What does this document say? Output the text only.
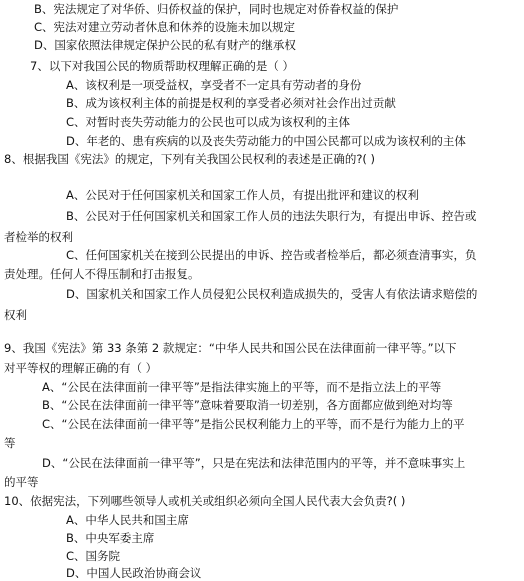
B、宪法规定了对华侨、归侨权益的保护，同时也规定对侨眷权益的保护
C、宪法对建立劳动者休息和休养的设施未加以规定
D、国家依照法律规定保护公民的私有财产的继承权
7、以下对我国公民的物质帮助权理解正确的是（ ）
A、该权利是一项受益权，享受者不一定具有劳动者的身份
B、成为该权利主体的前提是权利的享受者必须对社会作出过贡献
C、对暂时丧失劳动能力的公民也可以成为该权利的主体
D、年老的、患有疾病的以及丧失劳动能力的中国公民都可以成为该权利的主体
8、根据我国《宪法》的规定，下列有关我国公民权利的表述是正确的?( )
A、公民对于任何国家机关和国家工作人员，有提出批评和建议的权利
B、公民对于任何国家机关和国家工作人员的违法失职行为，有提出申诉、控告或
者检举的权利
C、任何国家机关在接到公民提出的申诉、控告或者检举后，都必须查清事实，负
责处理。任何人不得压制和打击报复。
D、国家机关和国家工作人员侵犯公民权利造成损失的，受害人有依法请求赔偿的
权利
9、我国《宪法》第 33 条第 2 款规定：“中华人民共和国公民在法律面前一律平等。”以下
对平等权的理解正确的有（ ）
A、“公民在法律面前一律平等”是指法律实施上的平等，而不是指立法上的平等
B、“公民在法律面前一律平等”意味着要取消一切差别，各方面都应做到绝对均等
C、“公民在法律面前一律平等”是指公民权利能力上的平等，而不是行为能力上的平
等
D、“公民在法律面前一律平等”，只是在宪法和法律范围内的平等，并不意味事实上
的平等
10、依据宪法，下列哪些领导人或机关或组织必须向全国人民代表大会负责?( )
A、中华人民共和国主席
B、中央军委主席
C、国务院
D、中国人民政治协商会议
